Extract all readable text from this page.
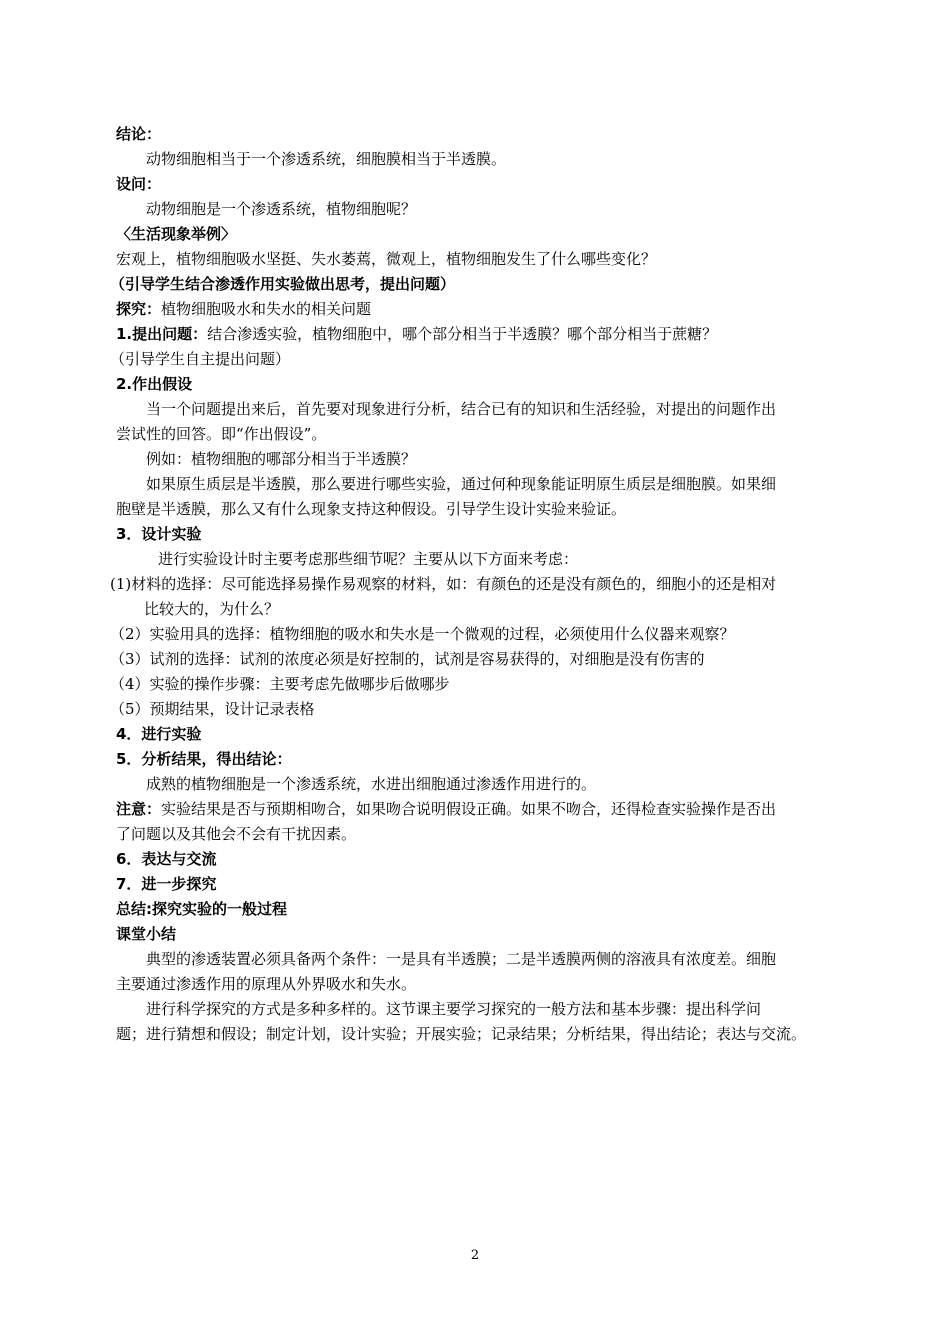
结论：
动物细胞相当于一个渗透系统，细胞膜相当于半透膜。
设问：
动物细胞是一个渗透系统，植物细胞呢？
〈生活现象举例〉
宏观上，植物细胞吸水坚挺、失水萎蔫，微观上，植物细胞发生了什么哪些变化？
（引导学生结合渗透作用实验做出思考，提出问题）
探究：植物细胞吸水和失水的相关问题
1.提出问题：结合渗透实验，植物细胞中，哪个部分相当于半透膜？哪个部分相当于蔗糖？
（引导学生自主提出问题）
2.作出假设
当一个问题提出来后，首先要对现象进行分析，结合已有的知识和生活经验，对提出的问题作出
尝试性的回答。即“作出假设”。
例如：植物细胞的哪部分相当于半透膜？
如果原生质层是半透膜，那么要进行哪些实验，通过何种现象能证明原生质层是细胞膜。如果细
胞壁是半透膜，那么又有什么现象支持这种假设。引导学生设计实验来验证。
3．设计实验
进行实验设计时主要考虑那些细节呢？主要从以下方面来考虑：
(1)材料的选择：尽可能选择易操作易观察的材料，如：有颜色的还是没有颜色的，细胞小的还是相对
比较大的，为什么？
（2）实验用具的选择：植物细胞的吸水和失水是一个微观的过程，必须使用什么仪器来观察？
（3）试剂的选择：试剂的浓度必须是好控制的，试剂是容易获得的，对细胞是没有伤害的
（4）实验的操作步骤：主要考虑先做哪步后做哪步
（5）预期结果，设计记录表格
4．进行实验
5．分析结果，得出结论：
成熟的植物细胞是一个渗透系统，水进出细胞通过渗透作用进行的。
注意：实验结果是否与预期相吻合，如果吻合说明假设正确。如果不吻合，还得检查实验操作是否出
了问题以及其他会不会有干扰因素。
6．表达与交流
7．进一步探究
总结:探究实验的一般过程
课堂小结
典型的渗透装置必须具备两个条件：一是具有半透膜；二是半透膜两侧的溶液具有浓度差。细胞
主要通过渗透作用的原理从外界吸水和失水。
进行科学探究的方式是多种多样的。这节课主要学习探究的一般方法和基本步骤：提出科学问
题；进行猜想和假设；制定计划，设计实验；开展实验；记录结果；分析结果，得出结论；表达与交流。
2
